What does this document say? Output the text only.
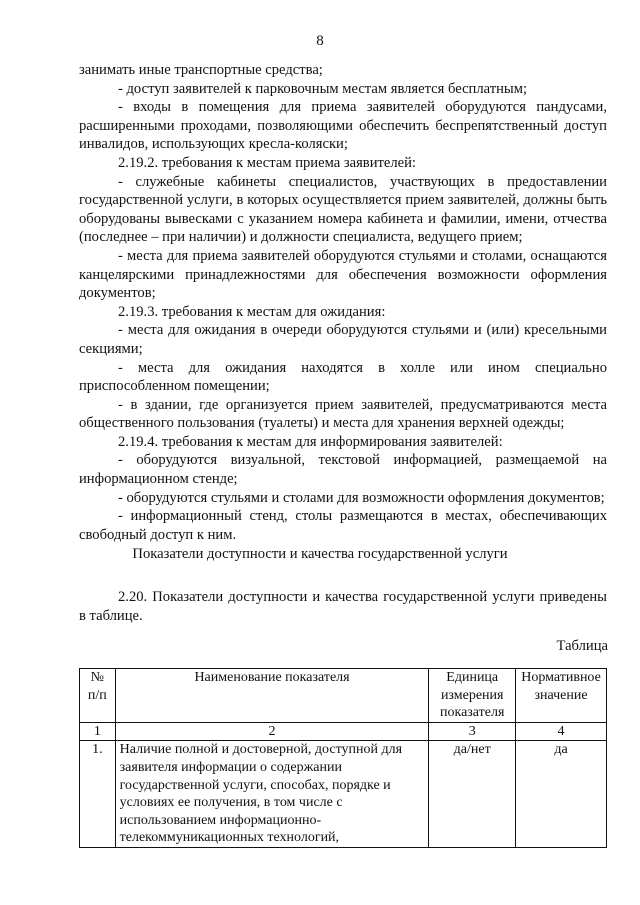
8

занимать иные транспортные средства;

- доступ заявителей к парковочным местам является бесплатным;

- входы в помещения для приема заявителей оборудуются пандусами, расширенными проходами, позволяющими обеспечить беспрепятственный доступ инвалидов, использующих кресла-коляски;

2.19.2. требования к местам приема заявителей:

- служебные кабинеты специалистов, участвующих в предоставлении государственной услуги, в которых осуществляется прием заявителей, должны быть оборудованы вывесками с указанием номера кабинета и фамилии, имени, отчества (последнее – при наличии) и должности специалиста, ведущего прием;

- места для приема заявителей оборудуются стульями и столами, оснащаются канцелярскими принадлежностями для обеспечения возможности оформления документов;

2.19.3. требования к местам для ожидания:

- места для ожидания в очереди оборудуются стульями и (или) кресельными секциями;

- места для ожидания находятся в холле или ином специально приспособленном помещении;

- в здании, где организуется прием заявителей, предусматриваются места общественного пользования (туалеты) и места для хранения верхней одежды;

2.19.4. требования к местам для информирования заявителей:

- оборудуются визуальной, текстовой информацией, размещаемой на информационном стенде;

- оборудуются стульями и столами для возможности оформления документов;

- информационный стенд, столы размещаются в местах, обеспечивающих свободный доступ к ним.

Показатели доступности и качества государственной услуги

2.20. Показатели доступности и качества государственной услуги приведены в таблице.

Таблица
№ п/п	Наименование показателя	Единица измерения показателя	Нормативное значение
1	2	3	4
1.	Наличие полной и достоверной, доступной для заявителя информации о содержании государственной услуги, способах, порядке и условиях ее получения, в том числе с использованием информационно-телекоммуникационных технологий,	да/нет	да
